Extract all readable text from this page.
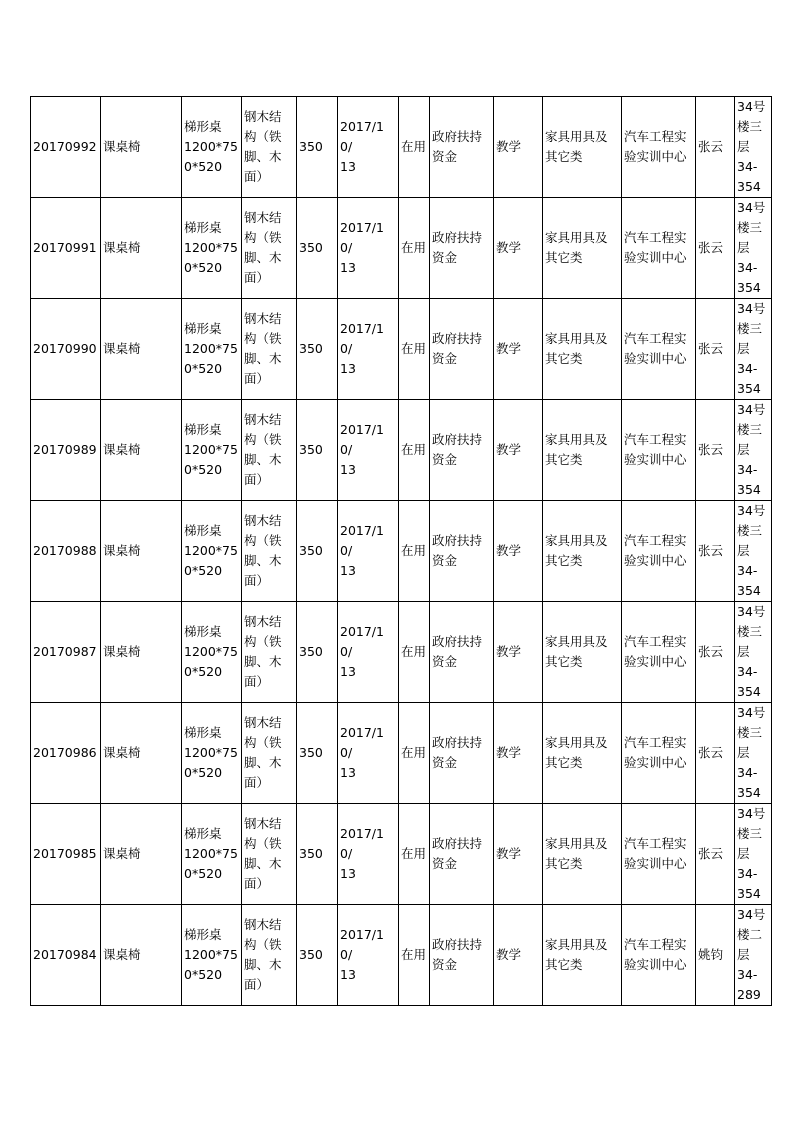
20170992	课桌椅	梯形桌
1200*75
0*520	钢木结
构（铁
脚、木
面）	350	2017/10/
13	在用	政府扶持
资金	教学	家具用具及
其它类	汽车工程实
验实训中心	张云	34号
楼三
层
34-
354
20170991	课桌椅	梯形桌
1200*75
0*520	钢木结
构（铁
脚、木
面）	350	2017/10/
13	在用	政府扶持
资金	教学	家具用具及
其它类	汽车工程实
验实训中心	张云	34号
楼三
层
34-
354
20170990	课桌椅	梯形桌
1200*75
0*520	钢木结
构（铁
脚、木
面）	350	2017/10/
13	在用	政府扶持
资金	教学	家具用具及
其它类	汽车工程实
验实训中心	张云	34号
楼三
层
34-
354
20170989	课桌椅	梯形桌
1200*75
0*520	钢木结
构（铁
脚、木
面）	350	2017/10/
13	在用	政府扶持
资金	教学	家具用具及
其它类	汽车工程实
验实训中心	张云	34号
楼三
层
34-
354
20170988	课桌椅	梯形桌
1200*75
0*520	钢木结
构（铁
脚、木
面）	350	2017/10/
13	在用	政府扶持
资金	教学	家具用具及
其它类	汽车工程实
验实训中心	张云	34号
楼三
层
34-
354
20170987	课桌椅	梯形桌
1200*75
0*520	钢木结
构（铁
脚、木
面）	350	2017/10/
13	在用	政府扶持
资金	教学	家具用具及
其它类	汽车工程实
验实训中心	张云	34号
楼三
层
34-
354
20170986	课桌椅	梯形桌
1200*75
0*520	钢木结
构（铁
脚、木
面）	350	2017/10/
13	在用	政府扶持
资金	教学	家具用具及
其它类	汽车工程实
验实训中心	张云	34号
楼三
层
34-
354
20170985	课桌椅	梯形桌
1200*75
0*520	钢木结
构（铁
脚、木
面）	350	2017/10/
13	在用	政府扶持
资金	教学	家具用具及
其它类	汽车工程实
验实训中心	张云	34号
楼三
层
34-
354
20170984	课桌椅	梯形桌
1200*75
0*520	钢木结
构（铁
脚、木
面）	350	2017/10/
13	在用	政府扶持
资金	教学	家具用具及
其它类	汽车工程实
验实训中心	姚钧	34号
楼二
层
34-
289
